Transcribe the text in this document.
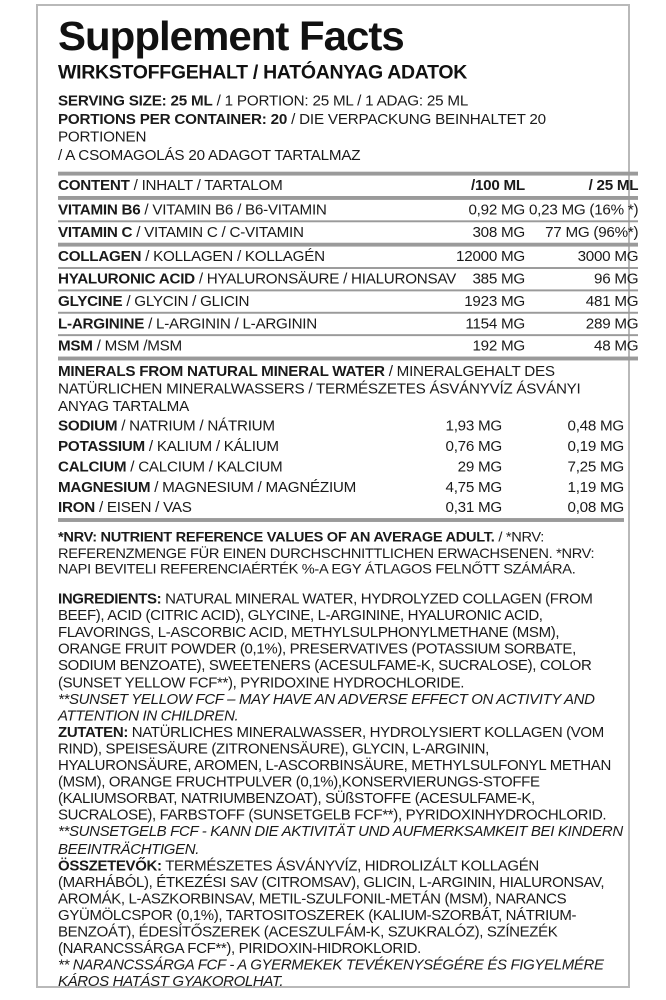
Supplement Facts
WIRKSTOFFGEHALT / HATÓANYAG ADATOK
SERVING SIZE: 25 ML / 1 PORTION: 25 ML / 1 ADAG: 25 ML
PORTIONS PER CONTAINER: 20 / DIE VERPACKUNG BEINHALTET 20 PORTIONEN
/ A CSOMAGOLÁS 20 ADAGOT TARTALMAZ

CONTENT / INHALT / TARTALOM	/100 ML	/ 25 ML

VITAMIN B6 / VITAMIN B6 / B6-VITAMIN	0,92 MG	0,23 MG (16% *)

VITAMIN C / VITAMIN C / C-VITAMIN	308 MG	77 MG (96%*)

COLLAGEN / KOLLAGEN / KOLLAGÉN	12000 MG	3000 MG

HYALURONIC ACID / HYALURONSÄURE / HIALURONSAV	385 MG	96 MG

GLYCINE / GLYCIN / GLICIN	1923 MG	481 MG

L-ARGININE / L-ARGININ / L-ARGININ	1154 MG	289 MG

MSM / MSM /MSM	192 MG	48 MG

MINERALS FROM NATURAL MINERAL WATER / MINERALGEHALT DES NATÜRLICHEN MINERALWASSERS / TERMÉSZETES ÁSVÁNYVÍZ ÁSVÁNYI ANYAG TARTALMA
SODIUM / NATRIUM / NÁTRIUM	1,93 MG	0,48 MG
POTASSIUM / KALIUM / KÁLIUM	0,76 MG	0,19 MG
CALCIUM / CALCIUM / KALCIUM	29 MG	7,25 MG
MAGNESIUM / MAGNESIUM / MAGNÉZIUM	4,75 MG	1,19 MG
IRON / EISEN / VAS	0,31 MG	0,08 MG

*NRV: NUTRIENT REFERENCE VALUES OF AN AVERAGE ADULT. / *NRV: REFERENZMENGE FÜR EINEN DURCHSCHNITTLICHEN ERWACHSENEN. *NRV: NAPI BEVITELI REFERENCIAÉRTÉK %-A EGY ÁTLAGOS FELNŐTT SZÁMÁRA.
INGREDIENTS: NATURAL MINERAL WATER, HYDROLYZED COLLAGEN (FROM BEEF), ACID (CITRIC ACID), GLYCINE, L-ARGININE, HYALURONIC ACID, FLAVORINGS, L-ASCORBIC ACID, METHYLSULPHONYLMETHANE (MSM), ORANGE FRUIT POWDER (0,1%), PRESERVATIVES (POTASSIUM SORBATE, SODIUM BENZOATE), SWEETENERS (ACESULFAME-K, SUCRALOSE), COLOR (SUNSET YELLOW FCF**), PYRIDOXINE HYDROCHLORIDE.
**SUNSET YELLOW FCF – MAY HAVE AN ADVERSE EFFECT ON ACTIVITY AND ATTENTION IN CHILDREN.
ZUTATEN: NATÜRLICHES MINERALWASSER, HYDROLYSIERT KOLLAGEN (VOM RIND), SPEISESÄURE (ZITRONENSÄURE), GLYCIN, L-ARGININ, HYALURONSÄURE, AROMEN, L-ASCORBINSÄURE, METHYLSULFONYL METHAN (MSM), ORANGE FRUCHTPULVER (0,1%),KONSERVIERUNGS-STOFFE (KALIUMSORBAT, NATRIUMBENZOAT), SÜßSTOFFE (ACESULFAME-K, SUCRALOSE), FARBSTOFF (SUNSETGELB FCF**), PYRIDOXINHYDROCHLORID.
**SUNSETGELB FCF - KANN DIE AKTIVITÄT UND AUFMERKSAMKEIT BEI KINDERN BEEINTRÄCHTIGEN.
ÖSSZETEVŐK: TERMÉSZETES ÁSVÁNYVÍZ, HIDROLIZÁLT KOLLAGÉN (MARHÁBÓL), ÉTKEZÉSI SAV (CITROMSAV), GLICIN, L-ARGININ, HIALURONSAV, AROMÁK, L-ASZKORBINSAV, METIL-SZULFONIL-METÁN (MSM), NARANCS GYÜMÖLCSPOR (0,1%), TARTOSITOSZEREK (KALIUM-SZORBÁT, NÁTRIUM-BENZOÁT), ÉDESÍTŐSZEREK (ACESZULFÁM-K, SZUKRALÓZ), SZÍNEZÉK (NARANCSSÁRGA FCF**), PIRIDOXIN-HIDROKLORID.
** NARANCSSÁRGA FCF - A GYERMEKEK TEVÉKENYSÉGÉRE ÉS FIGYELMÉRE KÁROS HATÁST GYAKOROLHAT.
